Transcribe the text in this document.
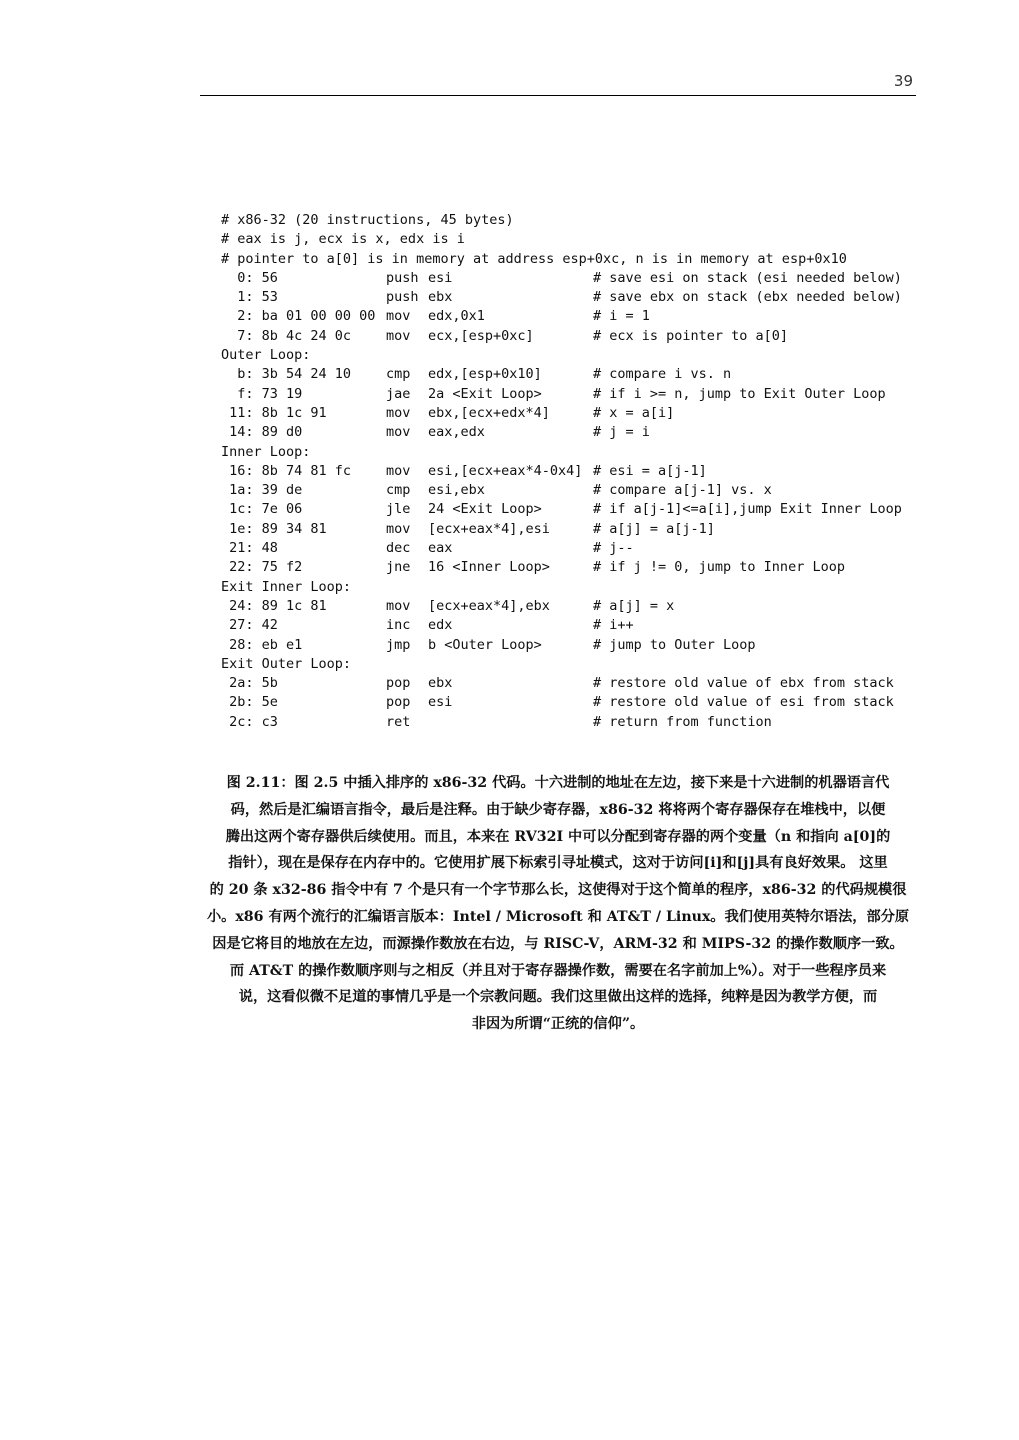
39
# x86-32 (20 instructions, 45 bytes)
# eax is j, ecx is x, edx is i
# pointer to a[0] is in memory at address esp+0xc, n is in memory at esp+0x10
0: 56	push esi	# save esi on stack (esi needed below)
1: 53	push ebx	# save ebx on stack (ebx needed below)
2: ba 01 00 00 00 mov edx,0x1	# i = 1
7: 8b 4c 24 0c	mov ecx,[esp+0xc]	# ecx is pointer to a[0]
Outer Loop:
b: 3b 54 24 10	cmp edx,[esp+0x10]	# compare i vs. n
f: 73 19	jae 2a <Exit Loop>	# if i >= n, jump to Exit Outer Loop
11: 8b 1c 91	mov ebx,[ecx+edx*4]	# x = a[i]
14: 89 d0	mov eax,edx	# j = i
Inner Loop:
16: 8b 74 81 fc	mov esi,[ecx+eax*4-0x4] # esi = a[j-1]
1a: 39 de	cmp esi,ebx	# compare a[j-1] vs. x
1c: 7e 06	jle 24 <Exit Loop>	# if a[j-1]<=a[i],jump Exit Inner Loop
1e: 89 34 81	mov [ecx+eax*4],esi	# a[j] = a[j-1]
21: 48	dec eax	# j--
22: 75 f2	jne 16 <Inner Loop>	# if j != 0, jump to Inner Loop
Exit Inner Loop:
24: 89 1c 81	mov [ecx+eax*4],ebx	# a[j] = x
27: 42	inc edx	# i++
28: eb e1	jmp b <Outer Loop>	# jump to Outer Loop
Exit Outer Loop:
2a: 5b	pop ebx	# restore old value of ebx from stack
2b: 5e	pop esi	# restore old value of esi from stack
2c: c3	ret	# return from function
图 2.11：图 2.5 中插入排序的 x86-32 代码。十六进制的地址在左边，接下来是十六进制的机器语言代
码，然后是汇编语言指令，最后是注释。由于缺少寄存器，x86-32 将将两个寄存器保存在堆栈中，以便
腾出这两个寄存器供后续使用。而且，本来在 RV32I 中可以分配到寄存器的两个变量（n 和指向 a[0]的
指针），现在是保存在内存中的。它使用扩展下标索引寻址模式，这对于访问[i]和[j]具有良好效果。 这里
的 20 条 x32-86 指令中有 7 个是只有一个字节那么长，这使得对于这个简单的程序，x86-32 的代码规模很
小。x86 有两个流行的汇编语言版本：Intel / Microsoft 和 AT&T / Linux。我们使用英特尔语法，部分原
因是它将目的地放在左边，而源操作数放在右边，与 RISC-V，ARM-32 和 MIPS-32 的操作数顺序一致。
而 AT&T 的操作数顺序则与之相反（并且对于寄存器操作数，需要在名字前加上%）。对于一些程序员来
说，这看似微不足道的事情几乎是一个宗教问题。我们这里做出这样的选择，纯粹是因为教学方便，而
非因为所谓“正统的信仰”。
